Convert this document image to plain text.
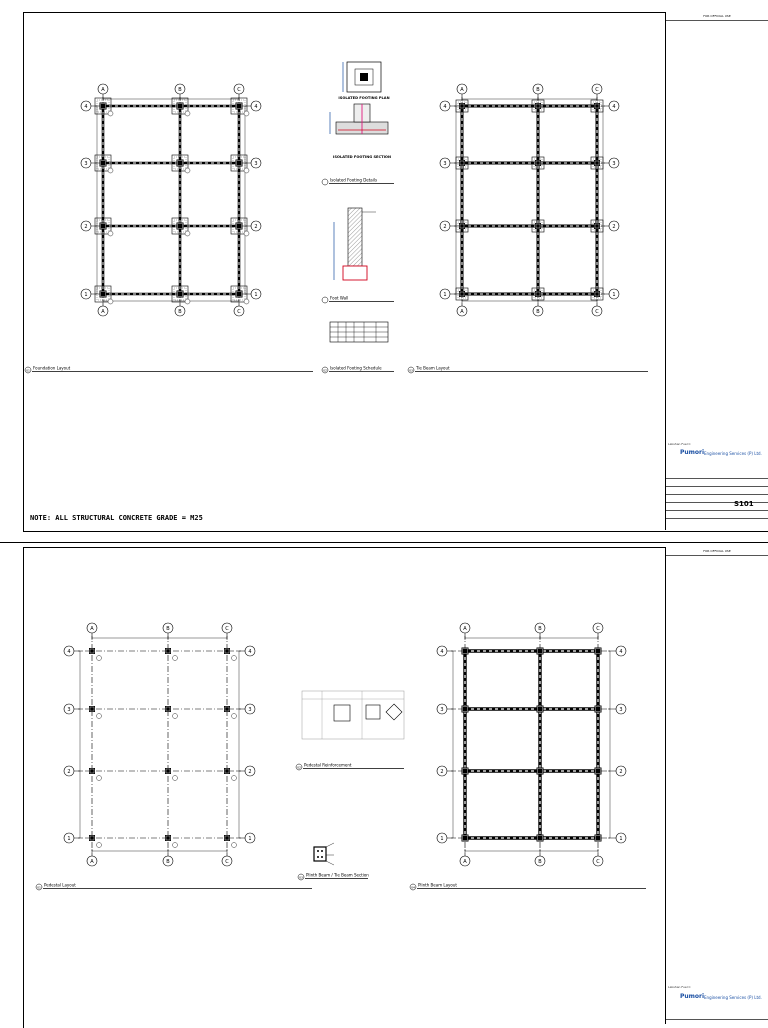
A
A
B
B
C
C
4	4
3	3
2	2
1	1
01 Foundation Layout
A
A
B
B
C
C
4	4
3	3
2	2
1	1
03 Tie Beam Layout
ISOLATED FOOTING PLAN
ISOLATED FOOTING SECTION
Isolated Footing Details
Foot Wall
02 Isolated Footing Schedule
NOTE: ALL STRUCTURAL CONCRETE GRADE = M25
FOR OFFICIAL USE
Lakshan Fuel C
Pumori Engineering Services (P) Ltd.
S101
A
A
B
B
C
C
4	4
3	3
2	2
1	1
01 Pedestal Layout
A
A
B
B
C
C
4	4
3	3
2	2
1	1
04 Plinth Beam Layout
02 Pedestal Reinforcement
03 Plinth Beam / Tie Beam Section
FOR OFFICIAL USE
Lakshan Fuel C
Pumori Engineering Services (P) Ltd.
